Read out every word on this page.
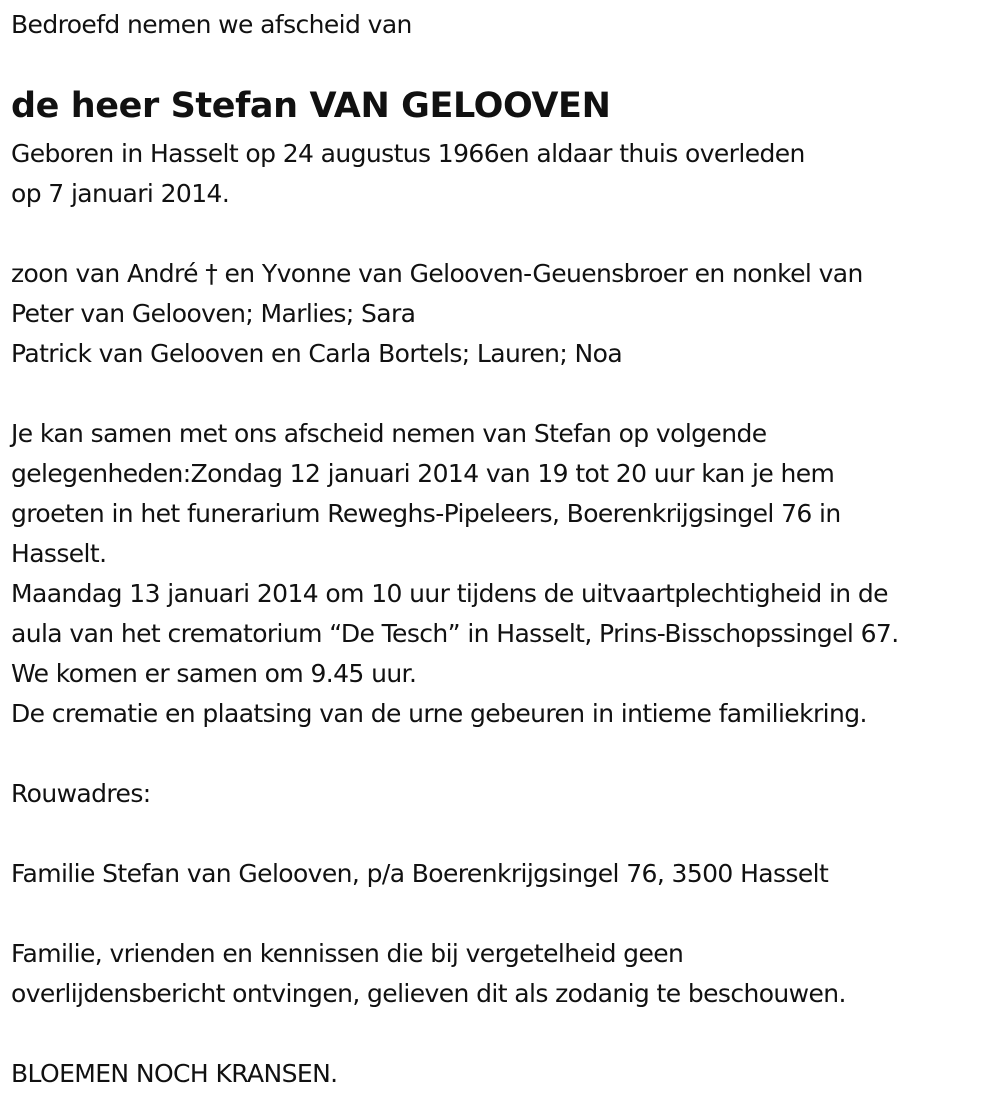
Bedroefd nemen we afscheid van
de heer Stefan VAN GELOOVEN
Geboren in Hasselt op 24 augustus 1966en aldaar thuis overleden
op 7 januari 2014.
zoon van André † en Yvonne van Gelooven-Geuensbroer en nonkel van
Peter van Gelooven; Marlies; Sara
Patrick van Gelooven en Carla Bortels; Lauren; Noa
Je kan samen met ons afscheid nemen van Stefan op volgende
gelegenheden:Zondag 12 januari 2014 van 19 tot 20 uur kan je hem
groeten in het funerarium Reweghs-Pipeleers, Boerenkrijgsingel 76 in
Hasselt.
Maandag 13 januari 2014 om 10 uur tijdens de uitvaartplechtigheid in de
aula van het crematorium “De Tesch” in Hasselt, Prins-Bisschopssingel 67.
We komen er samen om 9.45 uur.
De crematie en plaatsing van de urne gebeuren in intieme familiekring.
Rouwadres:
Familie Stefan van Gelooven, p/a Boerenkrijgsingel 76, 3500 Hasselt
Familie, vrienden en kennissen die bij vergetelheid geen
overlijdensbericht ontvingen, gelieven dit als zodanig te beschouwen.
BLOEMEN NOCH KRANSEN.
